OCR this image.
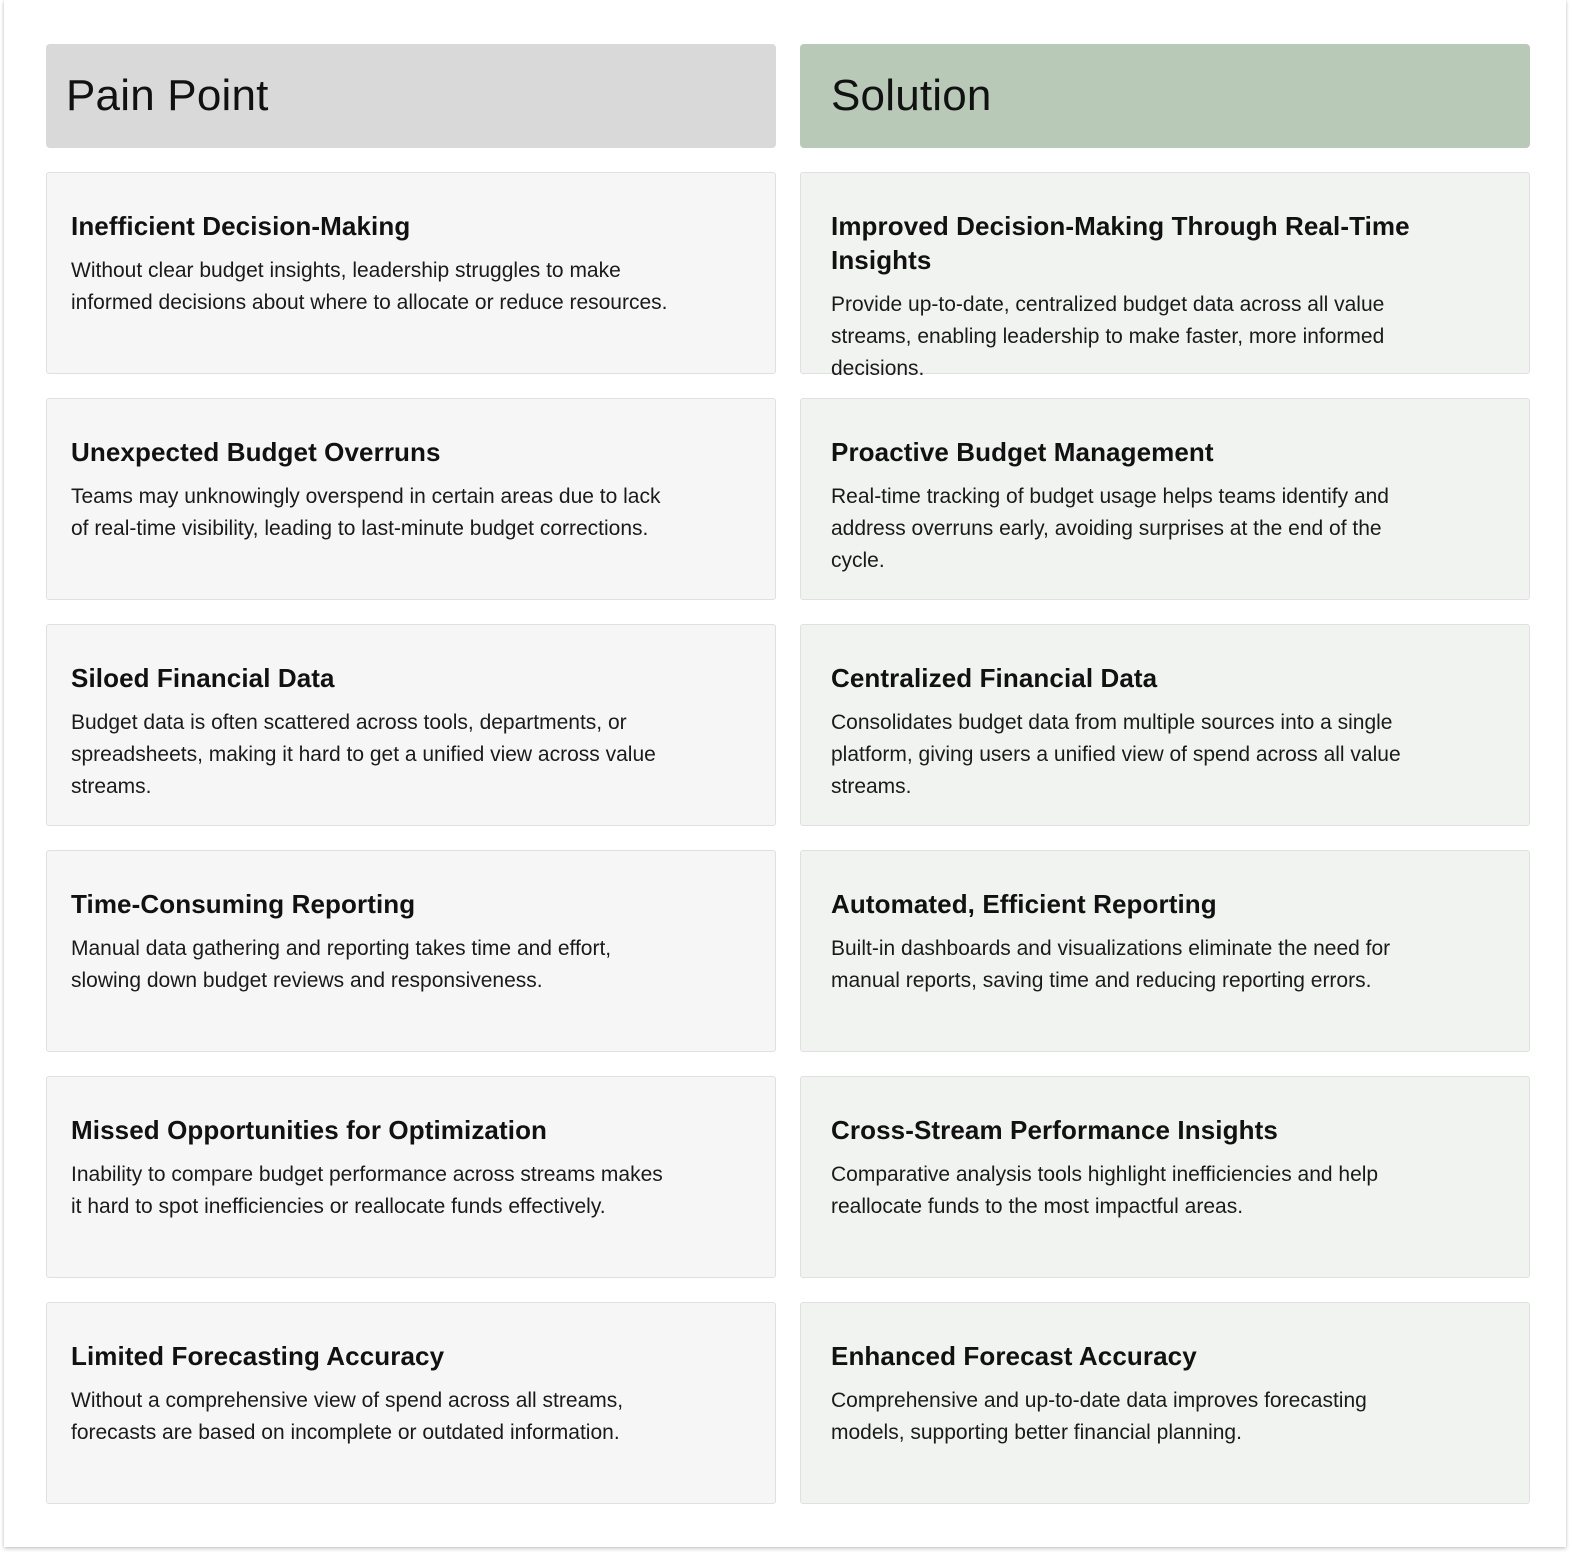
Pain Point	Solution
Inefficient Decision-Making

Without clear budget insights, leadership struggles to make informed decisions about where to allocate or reduce resources.

Improved Decision-Making Through Real-Time Insights

Provide up-to-date, centralized budget data across all value streams, enabling leadership to make faster, more informed decisions.

Unexpected Budget Overruns

Teams may unknowingly overspend in certain areas due to lack of real-time visibility, leading to last-minute budget corrections.

Proactive Budget Management

Real-time tracking of budget usage helps teams identify and address overruns early, avoiding surprises at the end of the cycle.

Siloed Financial Data

Budget data is often scattered across tools, departments, or spreadsheets, making it hard to get a unified view across value streams.

Centralized Financial Data

Consolidates budget data from multiple sources into a single platform, giving users a unified view of spend across all value streams.

Time-Consuming Reporting

Manual data gathering and reporting takes time and effort, slowing down budget reviews and responsiveness.

Automated, Efficient Reporting

Built-in dashboards and visualizations eliminate the need for manual reports, saving time and reducing reporting errors.

Missed Opportunities for Optimization

Inability to compare budget performance across streams makes it hard to spot inefficiencies or reallocate funds effectively.

Cross-Stream Performance Insights

Comparative analysis tools highlight inefficiencies and help reallocate funds to the most impactful areas.

Limited Forecasting Accuracy

Without a comprehensive view of spend across all streams, forecasts are based on incomplete or outdated information.

Enhanced Forecast Accuracy

Comprehensive and up-to-date data improves forecasting models, supporting better financial planning.
